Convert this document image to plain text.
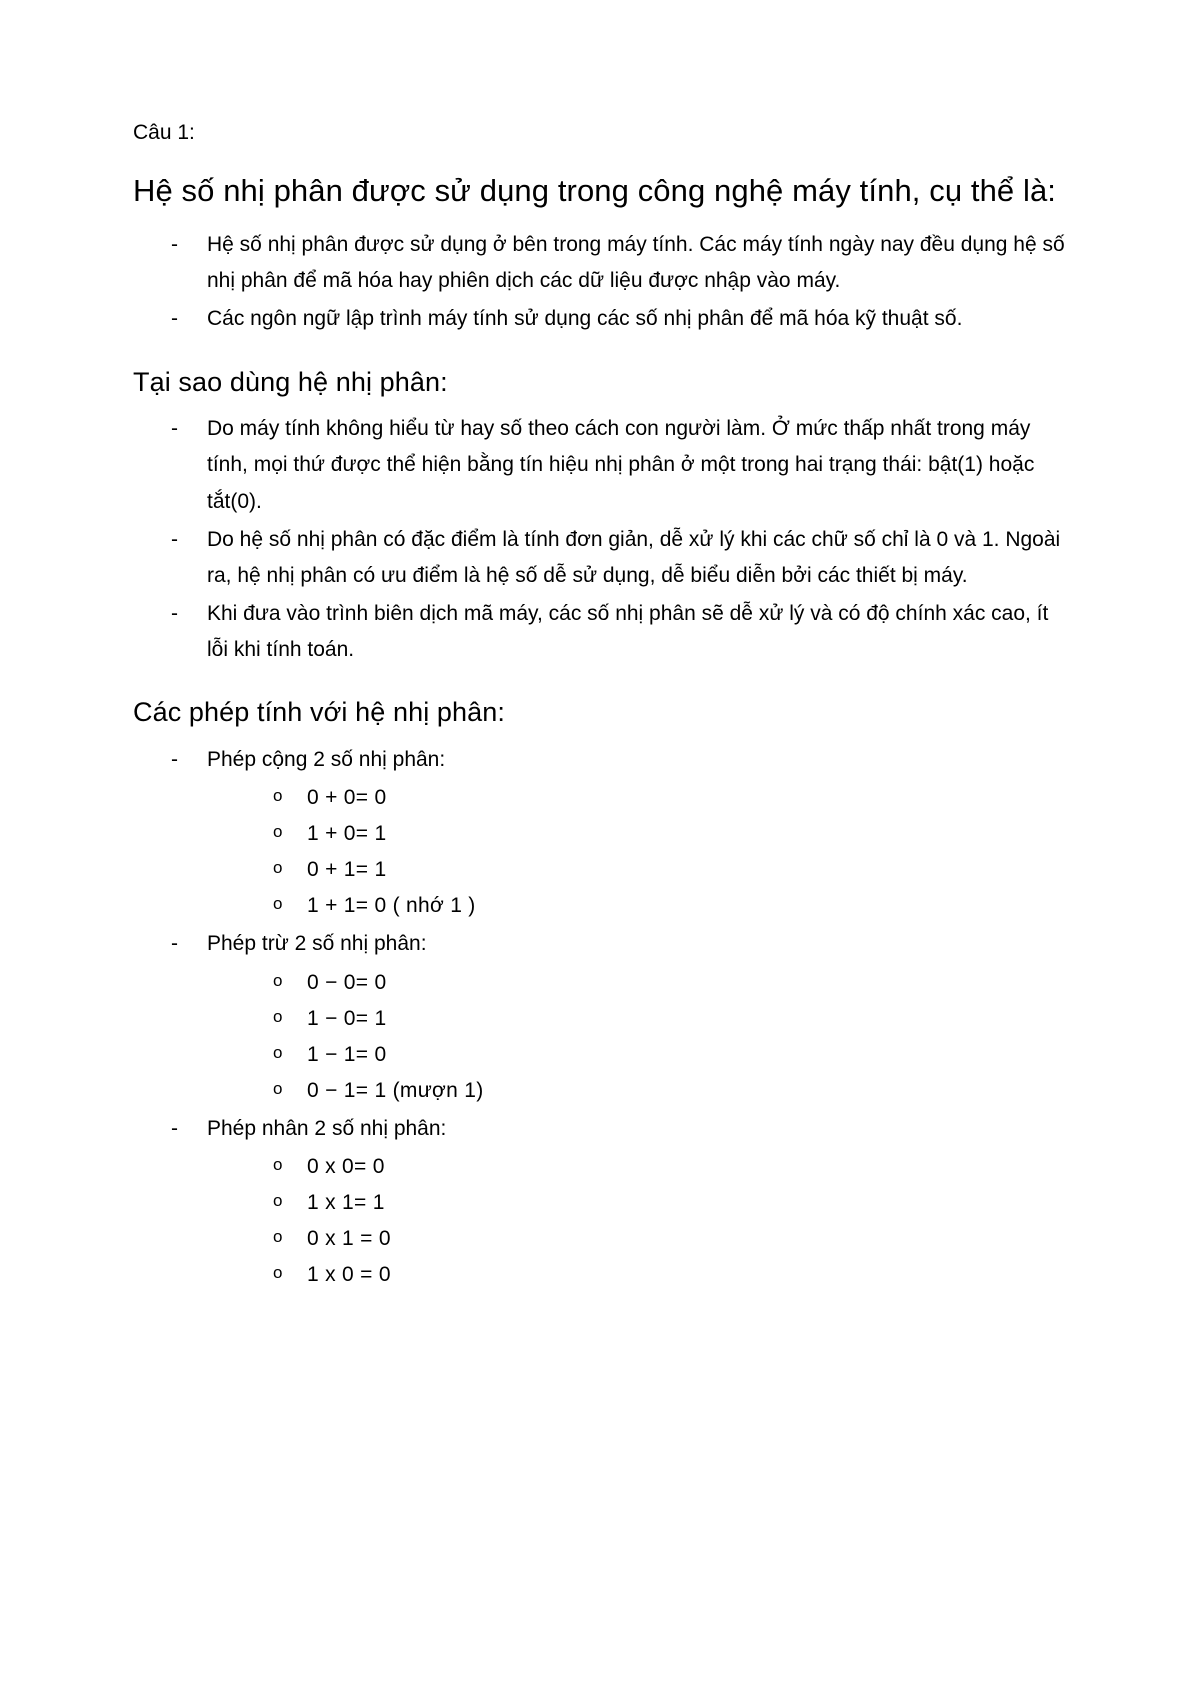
Câu 1:

Hệ số nhị phân được sử dụng trong công nghệ máy tính, cụ thể là:
-	Hệ số nhị phân được sử dụng ở bên trong máy tính. Các máy tính ngày nay đều dụng hệ số nhị phân để mã hóa hay phiên dịch các dữ liệu được nhập vào máy.
-	Các ngôn ngữ lập trình máy tính sử dụng các số nhị phân để mã hóa kỹ thuật số.
Tại sao dùng hệ nhị phân:
-	Do máy tính không hiểu từ hay số theo cách con người làm. Ở mức thấp nhất trong máy tính, mọi thứ được thể hiện bằng tín hiệu nhị phân ở một trong hai trạng thái: bật(1) hoặc tắt(0).
-	Do hệ số nhị phân có đặc điểm là tính đơn giản, dễ xử lý khi các chữ số chỉ là 0 và 1. Ngoài ra, hệ nhị phân có ưu điểm là hệ số dễ sử dụng, dễ biểu diễn bởi các thiết bị máy.
-	Khi đưa vào trình biên dịch mã máy, các số nhị phân sẽ dễ xử lý và có độ chính xác cao, ít lỗi khi tính toán.
Các phép tính với hệ nhị phân:
-	Phép cộng 2 số nhị phân:
o 0 + 0= 0
o 1 + 0= 1
o 0 + 1= 1
o 1 + 1= 0 ( nhớ 1 )
-	Phép trừ 2 số nhị phân:
o 0 − 0= 0
o 1 − 0= 1
o 1 − 1= 0
o 0 − 1= 1 (mượn 1)
-	Phép nhân 2 số nhị phân:
o 0 x 0= 0
o 1 x 1= 1
o 0 x 1 = 0
o 1 x 0 = 0
